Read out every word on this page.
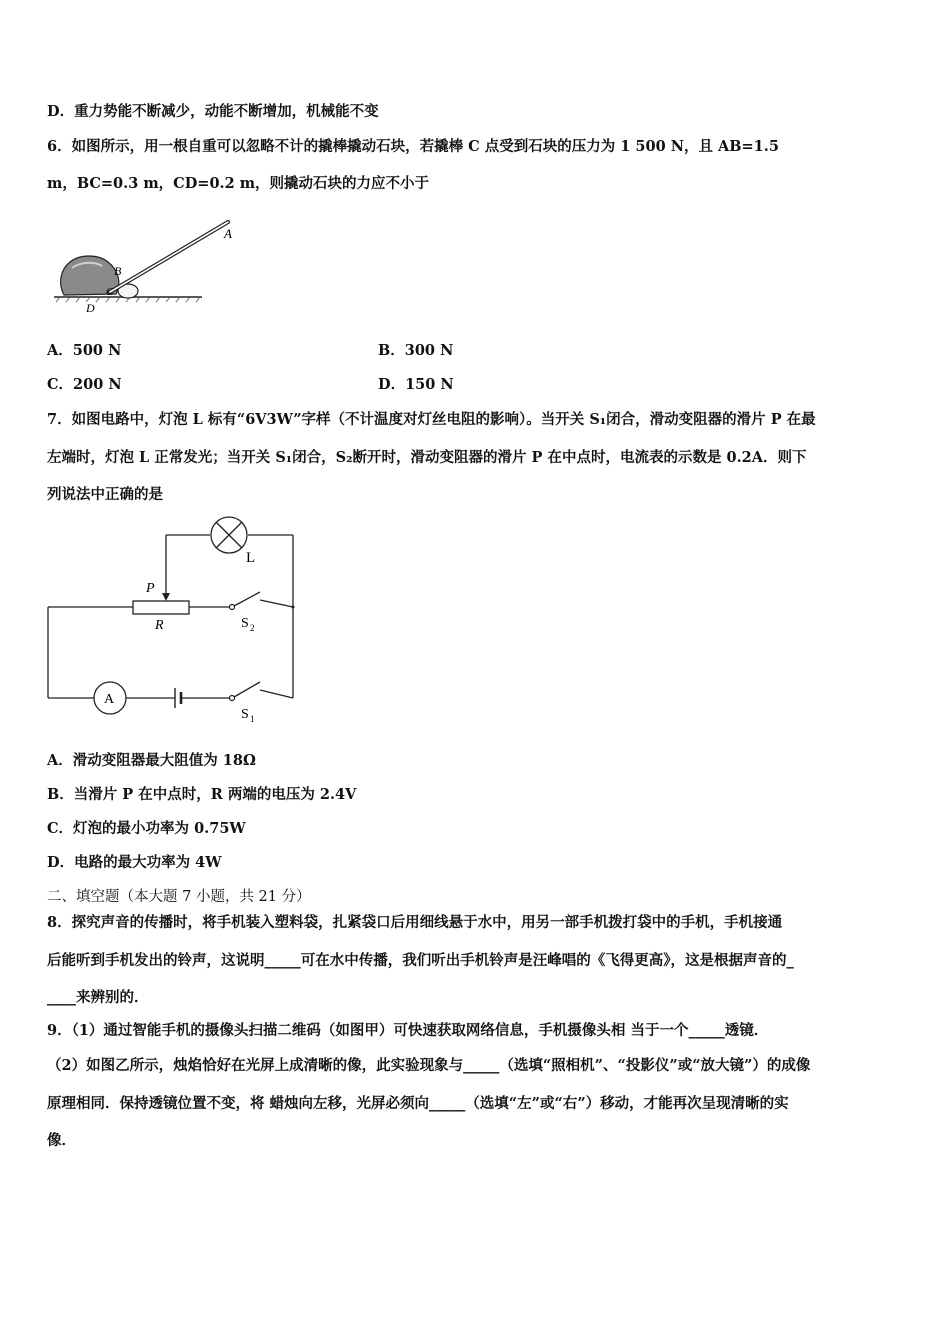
D．重力势能不断减少，动能不断增加，机械能不变
6．如图所示，用一根自重可以忽略不计的撬棒撬动石块，若撬棒 C 点受到石块的压力为 1 500 N，且 AB=1.5
m，BC=0.3 m，CD=0.2 m，则撬动石块的力应不小于
A
B
C
D
A．500 N	B．300 N
C．200 N	D．150 N
7．如图电路中，灯泡 L 标有“6V3W”字样（不计温度对灯丝电阻的影响）。当开关 S₁闭合，滑动变阻器的滑片 P 在最
左端时，灯泡 L 正常发光；当开关 S₁闭合，S₂断开时，滑动变阻器的滑片 P 在中点时，电流表的示数是 0.2A．则下
列说法中正确的是
L
P
R	S 2
A
S 1
A．滑动变阻器最大阻值为 18Ω
B．当滑片 P 在中点时，R 两端的电压为 2.4V
C．灯泡的最小功率为 0.75W
D．电路的最大功率为 4W
二、填空题（本大题 7 小题，共 21 分）
8．探究声音的传播时，将手机装入塑料袋，扎紧袋口后用细线悬于水中，用另一部手机拨打袋中的手机，手机接通
后能听到手机发出的铃声，这说明_____可在水中传播，我们听出手机铃声是汪峰唱的《飞得更高》，这是根据声音的_
____来辨别的．
9．（1）通过智能手机的摄像头扫描二维码（如图甲）可快速获取网络信息，手机摄像头相 当于一个_____透镜．
（2）如图乙所示，烛焰恰好在光屏上成清晰的像，此实验现象与_____（选填“照相机”、“投影仪”或“放大镜”）的成像
原理相同．保持透镜位置不变，将 蜡烛向左移，光屏必须向_____（选填“左”或“右”）移动，才能再次呈现清晰的实
像．
